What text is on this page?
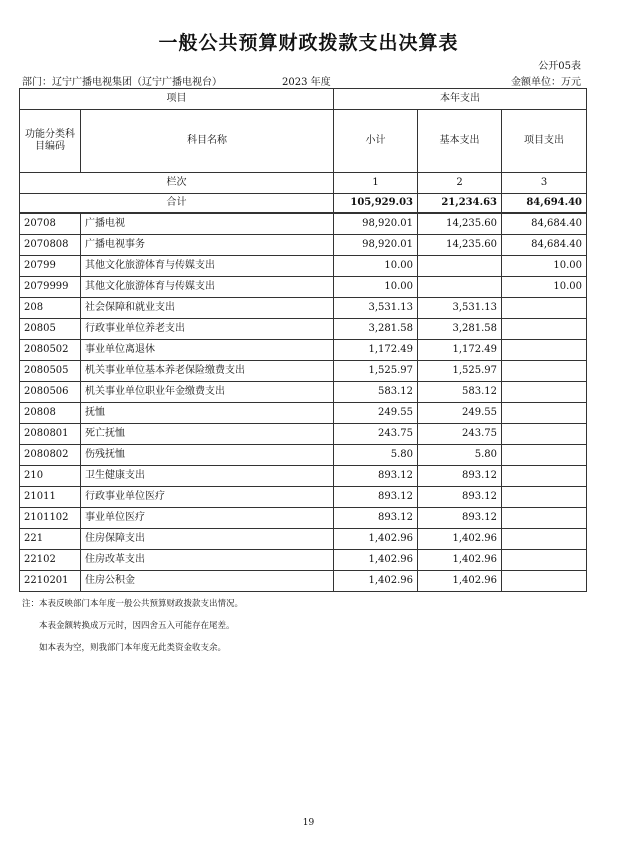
一般公共预算财政拨款支出决算表
公开05表
部门：辽宁广播电视集团（辽宁广播电视台）	2023 年度	金额单位：万元
项目		本年支出		
功能分类科目编码	科目名称	小计	基本支出	项目支出
栏次		1	2	3
合计		105,929.03	21,234.63	84,694.40
20708	广播电视	98,920.01	14,235.60	84,684.40
2070808	广播电视事务	98,920.01	14,235.60	84,684.40
20799	其他文化旅游体育与传媒支出	10.00		10.00
2079999	其他文化旅游体育与传媒支出	10.00		10.00
208	社会保障和就业支出	3,531.13	3,531.13	
20805	行政事业单位养老支出	3,281.58	3,281.58	
2080502	事业单位离退休	1,172.49	1,172.49	
2080505	机关事业单位基本养老保险缴费支出	1,525.97	1,525.97	
2080506	机关事业单位职业年金缴费支出	583.12	583.12	
20808	抚恤	249.55	249.55	
2080801	死亡抚恤	243.75	243.75	
2080802	伤残抚恤	5.80	5.80	
210	卫生健康支出	893.12	893.12	
21011	行政事业单位医疗	893.12	893.12	
2101102	事业单位医疗	893.12	893.12	
221	住房保障支出	1,402.96	1,402.96	
22102	住房改革支出	1,402.96	1,402.96	
2210201	住房公积金	1,402.96	1,402.96	
注：本表反映部门本年度一般公共预算财政拨款支出情况。
本表金额转换成万元时，因四舍五入可能存在尾差。
如本表为空，则我部门本年度无此类资金收支余。
19
